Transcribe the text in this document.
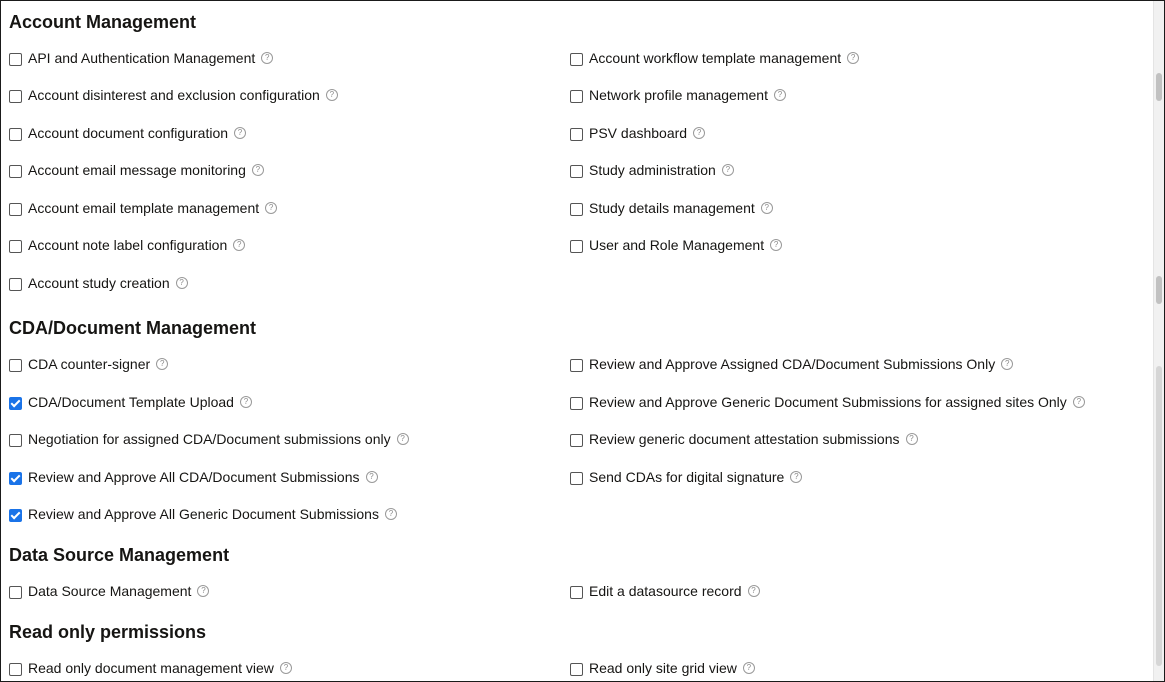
Account Management
API and Authentication Management	?	Account workflow template management	?
Account disinterest and exclusion configuration	?	Network profile management	?
Account document configuration	?	PSV dashboard	?
Account email message monitoring	?	Study administration	?
Account email template management	?	Study details management	?
Account note label configuration	?	User and Role Management	?
Account study creation	?
CDA/Document Management
CDA counter-signer	?	Review and Approve Assigned CDA/Document Submissions Only	?
CDA/Document Template Upload	?	Review and Approve Generic Document Submissions for assigned sites Only	?
Negotiation for assigned CDA/Document submissions only	?	Review generic document attestation submissions	?
Review and Approve All CDA/Document Submissions	?	Send CDAs for digital signature	?
Review and Approve All Generic Document Submissions	?
Data Source Management
Data Source Management	?	Edit a datasource record	?
Read only permissions
Read only document management view	?	Read only site grid view	?
